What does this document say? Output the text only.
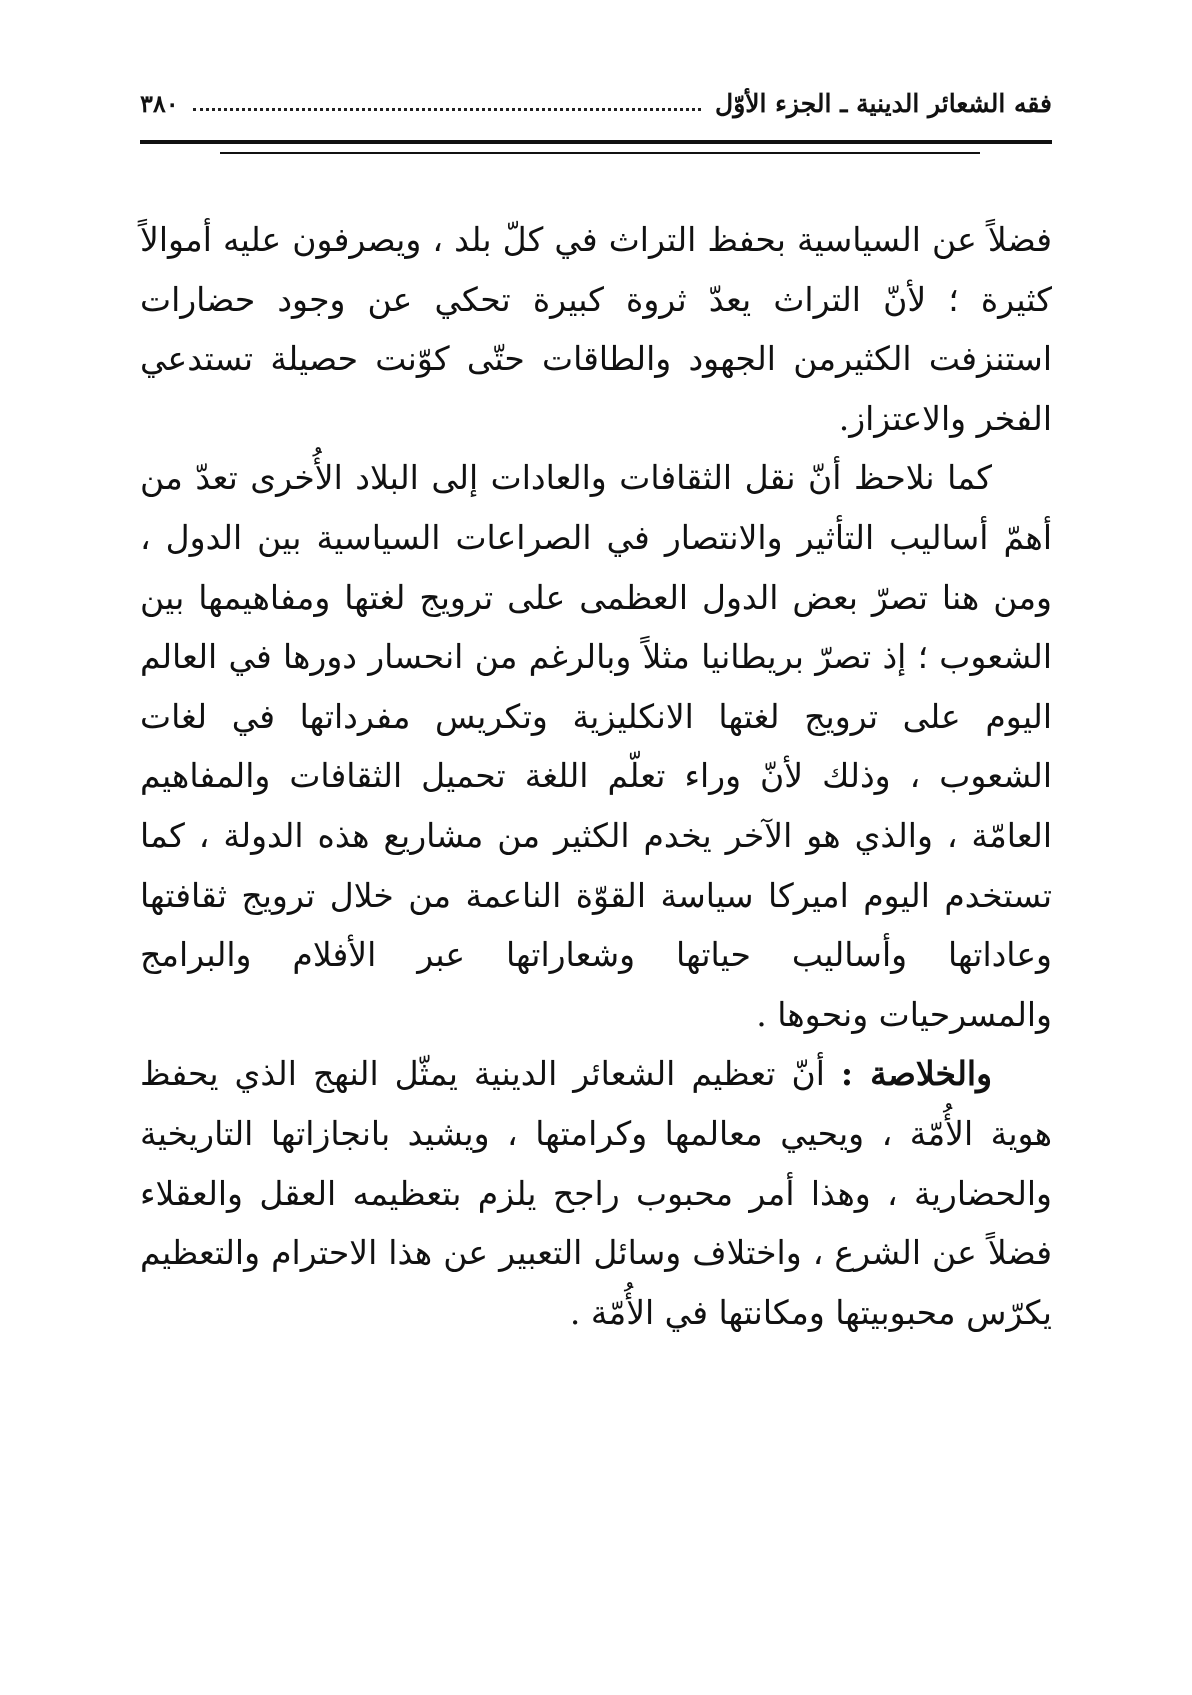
فقه الشعائر الدينية ـ الجزء الأوّل
٣٨٠

فضلاً عن السياسية بحفظ التراث في كلّ بلد ، ويصرفون عليه أموالاً كثيرة ؛ لأنّ التراث يعدّ ثروة كبيرة تحكي عن وجود حضارات استنزفت الكثيرمن الجهود والطاقات حتّى كوّنت حصيلة تستدعي الفخر والاعتزاز.

كما نلاحظ أنّ نقل الثقافات والعادات إلى البلاد الأُخرى تعدّ من أهمّ أساليب التأثير والانتصار في الصراعات السياسية بين الدول ، ومن هنا تصرّ بعض الدول العظمى على ترويج لغتها ومفاهيمها بين الشعوب ؛ إذ تصرّ بريطانيا مثلاً وبالرغم من انحسار دورها في العالم اليوم على ترويج لغتها الانكليزية وتكريس مفرداتها في لغات الشعوب ، وذلك لأنّ وراء تعلّم اللغة تحميل الثقافات والمفاهيم العامّة ، والذي هو الآخر يخدم الكثير من مشاريع هذه الدولة ، كما تستخدم اليوم اميركا سياسة القوّة الناعمة من خلال ترويج ثقافتها وعاداتها وأساليب حياتها وشعاراتها عبر الأفلام والبرامج والمسرحيات ونحوها .

والخلاصة : أنّ تعظيم الشعائر الدينية يمثّل النهج الذي يحفظ هوية الأُمّة ، ويحيي معالمها وكرامتها ، ويشيد بانجازاتها التاريخية والحضارية ، وهذا أمر محبوب راجح يلزم بتعظيمه العقل والعقلاء فضلاً عن الشرع ، واختلاف وسائل التعبير عن هذا الاحترام والتعظيم يكرّس محبوبيتها ومكانتها في الأُمّة .
